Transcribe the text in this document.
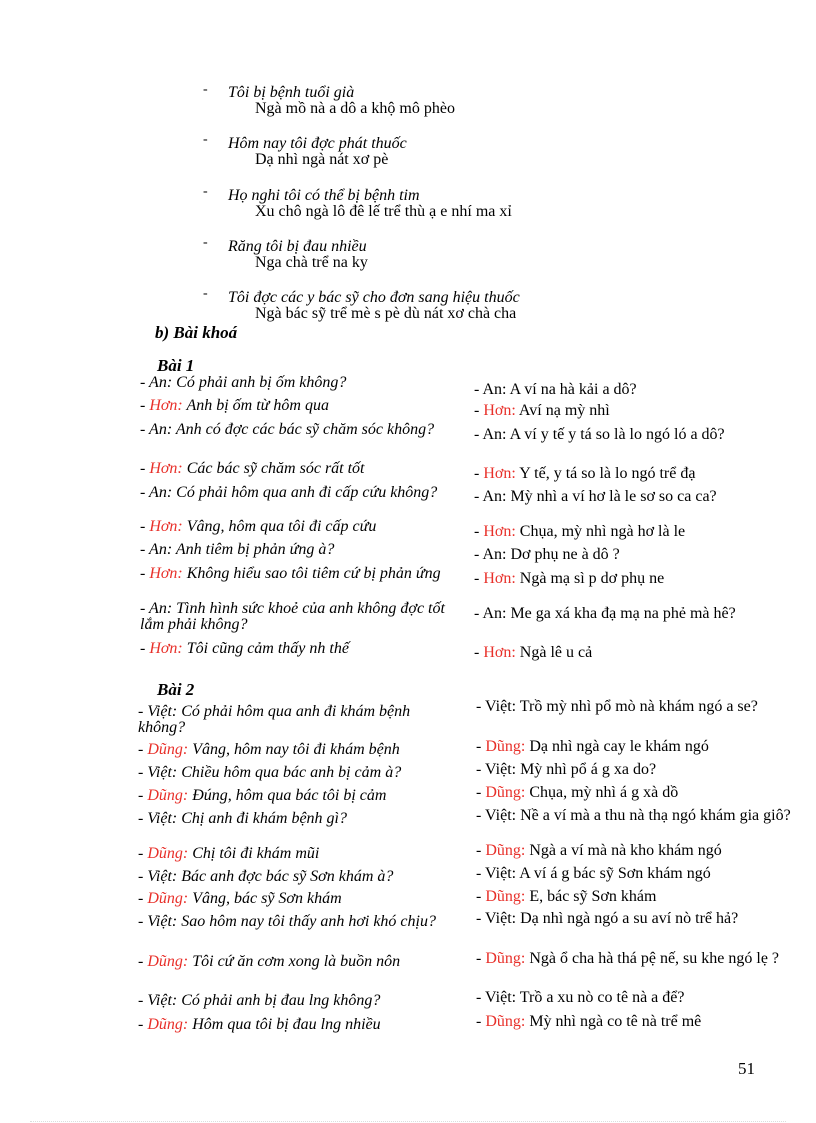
- Tôi bị bệnh tuổi già
Ngà mồ nà a dô a khộ mô phèo
- Hôm nay tôi đợc phát thuốc
Dạ nhì ngà nát xơ pè
- Họ nghi tôi có thể bị bệnh tim
Xu chô ngà lô đê lế trể thù ạ e nhí ma xỉ
- Răng tôi bị đau nhiều
Nga chà trể na ky
- Tôi đợc các y bác sỹ cho đơn sang hiệu thuốc
Ngà bác sỹ trể mè s pè dù nát xơ chà cha
b) Bài khoá
Bài 1
- An: Có phải anh bị ốm không?
- Hơn: Anh bị ốm từ hôm qua
- An: Anh có đợc các bác sỹ chăm sóc không?
- Hơn: Các bác sỹ chăm sóc rất tốt
- An: Có phải hôm qua anh đi cấp cứu không?
- Hơn: Vâng, hôm qua tôi đi cấp cứu
- An: Anh tiêm bị phản ứng à?
- Hơn: Không hiểu sao tôi tiêm cứ bị phản ứng
- An: Tình hình sức khoẻ của anh không đợc tốt lắm phải không?
- Hơn: Tôi cũng cảm thấy nh thế
- An: A ví na hà kải a dô?
- Hơn: Aví nạ mỳ nhì
- An: A ví y tế y tá so là lo ngó ló a dô?
- Hơn: Y tế, y tá so là lo ngó trể đạ
- An: Mỳ nhì a ví hơ là le sơ so ca ca?
- Hơn: Chụa, mỳ nhì ngà hơ là le
- An: Dơ phụ ne à dô ?
- Hơn: Ngà mạ sì p dơ phụ ne
- An: Me ga xá kha đạ mạ na phẻ mà hê?
- Hơn: Ngà lê u cả
Bài 2
- Việt: Có phải hôm qua anh đi khám bệnh không?
- Dũng: Vâng, hôm nay tôi đi khám bệnh
- Việt: Chiều hôm qua bác anh bị cảm à?
- Dũng: Đúng, hôm qua bác tôi bị cảm
- Việt: Chị anh đi khám bệnh gì?
- Dũng: Chị tôi đi khám mũi
- Việt: Bác anh đợc bác sỹ Sơn khám à?
- Dũng: Vâng, bác sỹ Sơn khám
- Việt: Sao hôm nay tôi thấy anh hơi khó chịu?
- Dũng: Tôi cứ ăn cơm xong là buồn nôn
- Việt: Có phải anh bị đau lng không?
- Dũng: Hôm qua tôi bị đau lng nhiều
- Việt: Trồ mỳ nhì pổ mò nà khám ngó a se?
- Dũng: Dạ nhì ngà cay le khám ngó
- Việt: Mỳ nhì pổ á g xa do?
- Dũng: Chụa, mỳ nhì á g xà dồ
- Việt: Nề a ví mà a thu nà thạ ngó khám gia giô?
- Dũng: Ngà a ví mà nà kho khám ngó
- Việt: A ví á g bác sỹ Sơn khám ngó
- Dũng: E, bác sỹ Sơn khám
- Việt: Dạ nhì ngà ngó a su aví nò trể hả?
- Dũng: Ngà ổ cha hà thá pệ nế, su khe ngó lẹ ?
- Việt: Trồ a xu nò co tê nà a để?
- Dũng: Mỳ nhì ngà co tê nà trể mê
51
